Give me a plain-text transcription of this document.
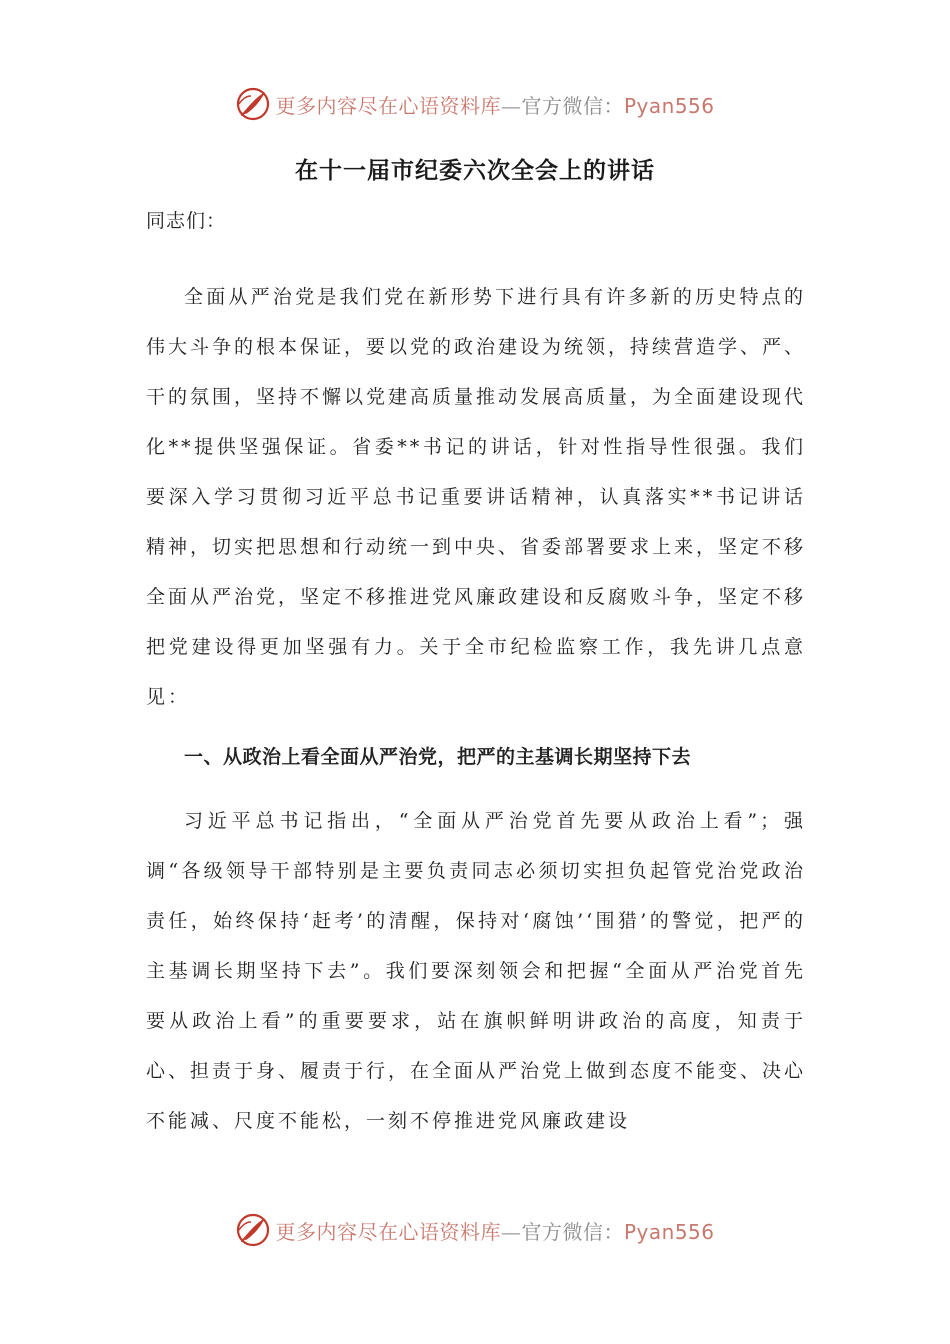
更多内容尽在心语资料库—官方微信：Pyan556
在十一届市纪委六次全会上的讲话
同志们：

全面从严治党是我们党在新形势下进行具有许多新的历史特点的伟大斗争的根本保证，要以党的政治建设为统领，持续营造学、严、干的氛围，坚持不懈以党建高质量推动发展高质量，为全面建设现代化**提供坚强保证。省委**书记的讲话，针对性指导性很强。我们要深入学习贯彻习近平总书记重要讲话精神，认真落实**书记讲话精神，切实把思想和行动统一到中央、省委部署要求上来，坚定不移全面从严治党，坚定不移推进党风廉政建设和反腐败斗争，坚定不移把党建设得更加坚强有力。关于全市纪检监察工作，我先讲几点意见：

一、从政治上看全面从严治党，把严的主基调长期坚持下去

习近平总书记指出，“全面从严治党首先要从政治上看”；强调“各级领导干部特别是主要负责同志必须切实担负起管党治党政治责任，始终保持‘赶考’的清醒，保持对‘腐蚀’‘围猎’的警觉，把严的主基调长期坚持下去”。我们要深刻领会和把握“全面从严治党首先要从政治上看”的重要要求，站在旗帜鲜明讲政治的高度，知责于心、担责于身、履责于行，在全面从严治党上做到态度不能变、决心不能减、尺度不能松，一刻不停推进党风廉政建设

更多内容尽在心语资料库—官方微信：Pyan556
